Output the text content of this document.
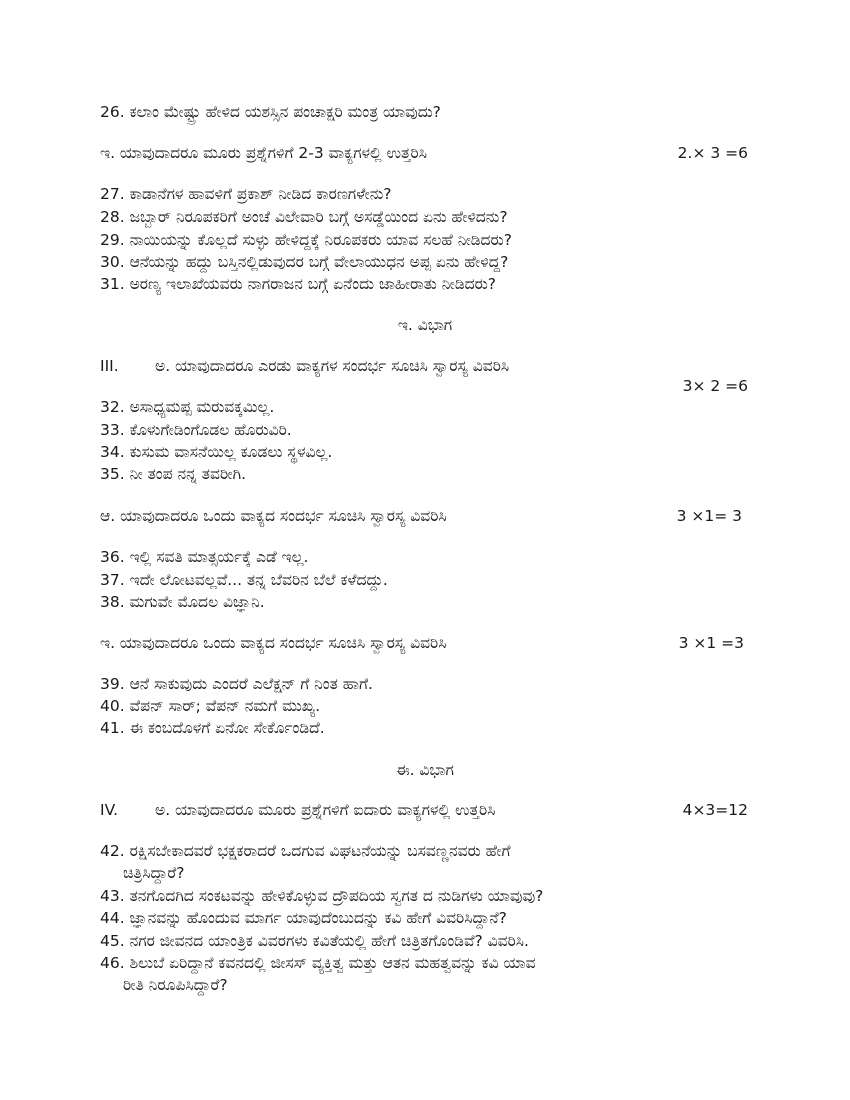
26. ಕಲಾಂ ಮೇಷ್ಟ್ರು ಹೇಳಿದ ಯಶಸ್ಸಿನ ಪಂಚಾಕ್ಷರಿ ಮಂತ್ರ ಯಾವುದು?
ಇ. ಯಾವುದಾದರೂ ಮೂರು ಪ್ರಶ್ನೆಗಳಿಗೆ 2-3 ವಾಕ್ಯಗಳಲ್ಲಿ ಉತ್ತರಿಸಿ	2.× 3 =6
27. ಕಾಡಾನೆಗಳ ಹಾವಳಿಗೆ ಪ್ರಕಾಶ್ ನೀಡಿದ ಕಾರಣಗಳೇನು?
28. ಜಬ್ಬಾರ್ ನಿರೂಪಕರಿಗೆ ಅಂಚೆ ವಿಲೇವಾರಿ ಬಗ್ಗೆ ಅಸಡ್ಡೆಯಿಂದ ಏನು ಹೇಳಿದನು?
29. ನಾಯಿಯನ್ನು ಕೊಲ್ಲದೆ ಸುಳ್ಳು ಹೇಳಿದ್ದಕ್ಕೆ ನಿರೂಪಕರು ಯಾವ ಸಲಹೆ ನೀಡಿದರು?
30. ಆನೆಯನ್ನು ಹದ್ದು ಬಸ್ತಿನಲ್ಲಿಡುವುದರ ಬಗ್ಗೆ ವೇಲಾಯುಧನ ಅಪ್ಪ ಏನು ಹೇಳಿದ್ದ?
31. ಅರಣ್ಯ ಇಲಾಖೆಯವರು ನಾಗರಾಜನ ಬಗ್ಗೆ ಏನೆಂದು ಜಾಹೀರಾತು ನೀಡಿದರು?
ಇ. ವಿಭಾಗ
III. ಅ. ಯಾವುದಾದರೂ ಎರಡು ವಾಕ್ಯಗಳ ಸಂದರ್ಭ ಸೂಚಿಸಿ ಸ್ವಾರಸ್ಯ ವಿವರಿಸಿ
3× 2 =6
32. ಅಸಾಧ್ಯಮಪ್ಪ ಮರುವಕ್ಕಮಿಲ್ಲ.
33. ಕೊಳುಗೇಡಿಂಗೊಡಲ ಹೊರುವಿರಿ.
34. ಕುಸುಮ ವಾಸನೆಯಿಲ್ಲ ಕೂಡಲು ಸ್ಥಳವಿಲ್ಲ.
35. ನೀ ತಂಪ ನನ್ನ ತವರೀಗಿ.
ಆ. ಯಾವುದಾದರೂ ಒಂದು ವಾಕ್ಯದ ಸಂದರ್ಭ ಸೂಚಿಸಿ ಸ್ವಾರಸ್ಯ ವಿವರಿಸಿ	3 ×1= 3
36. ಇಲ್ಲಿ ಸವತಿ ಮಾತ್ಸರ್ಯಕ್ಕೆ ಎಡೆ ಇಲ್ಲ.
37. ಇದೇ ಲೋಟವಲ್ಲವೆ... ತನ್ನ ಬೆವರಿನ ಬೆಲೆ ಕಳೆದದ್ದು.
38. ಮಗುವೇ ಮೊದಲ ವಿಜ್ಞಾನಿ.
ಇ. ಯಾವುದಾದರೂ ಒಂದು ವಾಕ್ಯದ ಸಂದರ್ಭ ಸೂಚಿಸಿ ಸ್ವಾರಸ್ಯ ವಿವರಿಸಿ	3 ×1 =3
39. ಆನೆ ಸಾಕುವುದು ಎಂದರೆ ಎಲೆಕ್ಷನ್ ಗೆ ನಿಂತ ಹಾಗೆ.
40. ವೆಪನ್ ಸಾರ್; ವೆಪನ್ ನಮಗೆ ಮುಖ್ಯ.
41. ಈ ಕಂಬದೊಳಗೆ ಏನೋ ಸೇರ್ಕೊಂಡಿದೆ.
ಈ. ವಿಭಾಗ
IV. ಅ. ಯಾವುದಾದರೂ ಮೂರು ಪ್ರಶ್ನೆಗಳಿಗೆ ಐದಾರು ವಾಕ್ಯಗಳಲ್ಲಿ ಉತ್ತರಿಸಿ	4×3=12
42. ರಕ್ಷಿಸಬೇಕಾದವರೆ ಭಕ್ಷಕರಾದರೆ ಒದಗುವ ವಿಘಟನೆಯನ್ನು ಬಸವಣ್ಣನವರು ಹೇಗೆ
ಚಿತ್ರಿಸಿದ್ದಾರೆ?
43. ತನಗೊದಗಿದ ಸಂಕಟವನ್ನು ಹೇಳಿಕೊಳ್ಳುವ ದ್ರೌಪದಿಯ ಸ್ವಗತ ದ ನುಡಿಗಳು ಯಾವುವು?
44. ಜ್ಞಾನವನ್ನು ಹೊಂದುವ ಮಾರ್ಗ ಯಾವುದೆಂಬುದನ್ನು ಕವಿ ಹೇಗೆ ವಿವರಿಸಿದ್ದಾನೆ?
45. ನಗರ ಜೀವನದ ಯಾಂತ್ರಿಕ ವಿವರಗಳು ಕವಿತೆಯಲ್ಲಿ ಹೇಗೆ ಚಿತ್ರಿತಗೊಂಡಿವೆ? ವಿವರಿಸಿ.
46. ಶಿಲುಬೆ ಏರಿದ್ದಾನೆ ಕವನದಲ್ಲಿ ಜೀಸಸ್ ವ್ಯಕ್ತಿತ್ವ ಮತ್ತು ಆತನ ಮಹತ್ವವನ್ನು ಕವಿ ಯಾವ
ರೀತಿ ನಿರೂಪಿಸಿದ್ದಾರೆ?
